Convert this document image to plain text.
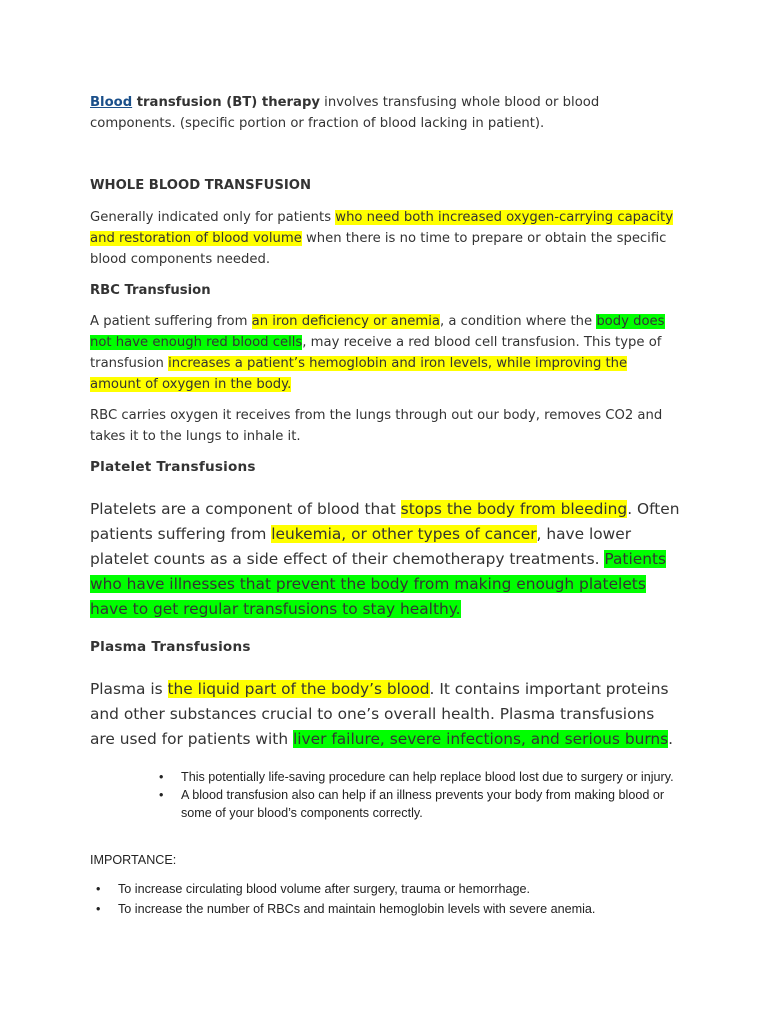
Blood transfusion (BT) therapy involves transfusing whole blood or blood components. (specific portion or fraction of blood lacking in patient).

WHOLE BLOOD TRANSFUSION

Generally indicated only for patients who need both increased oxygen-carrying capacity and restoration of blood volume when there is no time to prepare or obtain the specific blood components needed.

RBC Transfusion

A patient suffering from an iron deficiency or anemia, a condition where the body does not have enough red blood cells, may receive a red blood cell transfusion. This type of transfusion increases a patient’s hemoglobin and iron levels, while improving the amount of oxygen in the body.

RBC carries oxygen it receives from the lungs through out our body, removes CO2 and takes it to the lungs to inhale it.

Platelet Transfusions

Platelets are a component of blood that stops the body from bleeding. Often patients suffering from leukemia, or other types of cancer, have lower platelet counts as a side effect of their chemotherapy treatments. Patients who have illnesses that prevent the body from making enough platelets have to get regular transfusions to stay healthy.

Plasma Transfusions

Plasma is the liquid part of the body’s blood. It contains important proteins and other substances crucial to one’s overall health. Plasma transfusions are used for patients with liver failure, severe infections, and serious burns.

• This potentially life-saving procedure can help replace blood lost due to surgery or injury.
• A blood transfusion also can help if an illness prevents your body from making blood or some of your blood’s components correctly.
IMPORTANCE:
• To increase circulating blood volume after surgery, trauma or hemorrhage.
• To increase the number of RBCs and maintain hemoglobin levels with severe anemia.
